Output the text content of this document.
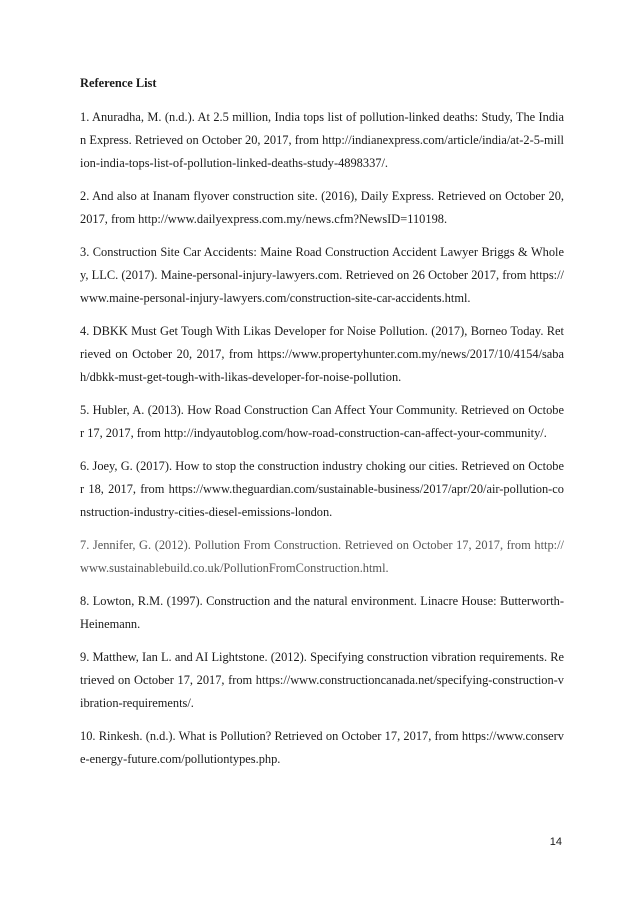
Reference List
1. Anuradha, M. (n.d.). At 2.5 million, India tops list of pollution-linked deaths: Study, The Indian Express. Retrieved on October 20, 2017, from http://indianexpress.com/article/india/at-2-5-million-india-tops-list-of-pollution-linked-deaths-study-4898337/.
2. And also at Inanam flyover construction site. (2016), Daily Express. Retrieved on October 20, 2017, from http://www.dailyexpress.com.my/news.cfm?NewsID=110198.
3. Construction Site Car Accidents: Maine Road Construction Accident Lawyer Briggs & Wholey, LLC. (2017). Maine-personal-injury-lawyers.com. Retrieved on 26 October 2017, from https://www.maine-personal-injury-lawyers.com/construction-site-car-accidents.html.
4. DBKK Must Get Tough With Likas Developer for Noise Pollution. (2017), Borneo Today. Retrieved on October 20, 2017, from https://www.propertyhunter.com.my/news/2017/10/4154/sabah/dbkk-must-get-tough-with-likas-developer-for-noise-pollution.
5. Hubler, A. (2013). How Road Construction Can Affect Your Community. Retrieved on October 17, 2017, from http://indyautoblog.com/how-road-construction-can-affect-your-community/.
6. Joey, G. (2017). How to stop the construction industry choking our cities. Retrieved on October 18, 2017, from https://www.theguardian.com/sustainable-business/2017/apr/20/air-pollution-construction-industry-cities-diesel-emissions-london.
7. Jennifer, G. (2012). Pollution From Construction. Retrieved on October 17, 2017, from http://www.sustainablebuild.co.uk/PollutionFromConstruction.html.
8. Lowton, R.M. (1997). Construction and the natural environment. Linacre House: Butterworth-Heinemann.
9. Matthew, Ian L. and AI Lightstone. (2012). Specifying construction vibration requirements. Retrieved on October 17, 2017, from https://www.constructioncanada.net/specifying-construction-vibration-requirements/.
10. Rinkesh. (n.d.). What is Pollution? Retrieved on October 17, 2017, from https://www.conserve-energy-future.com/pollutiontypes.php.
14
